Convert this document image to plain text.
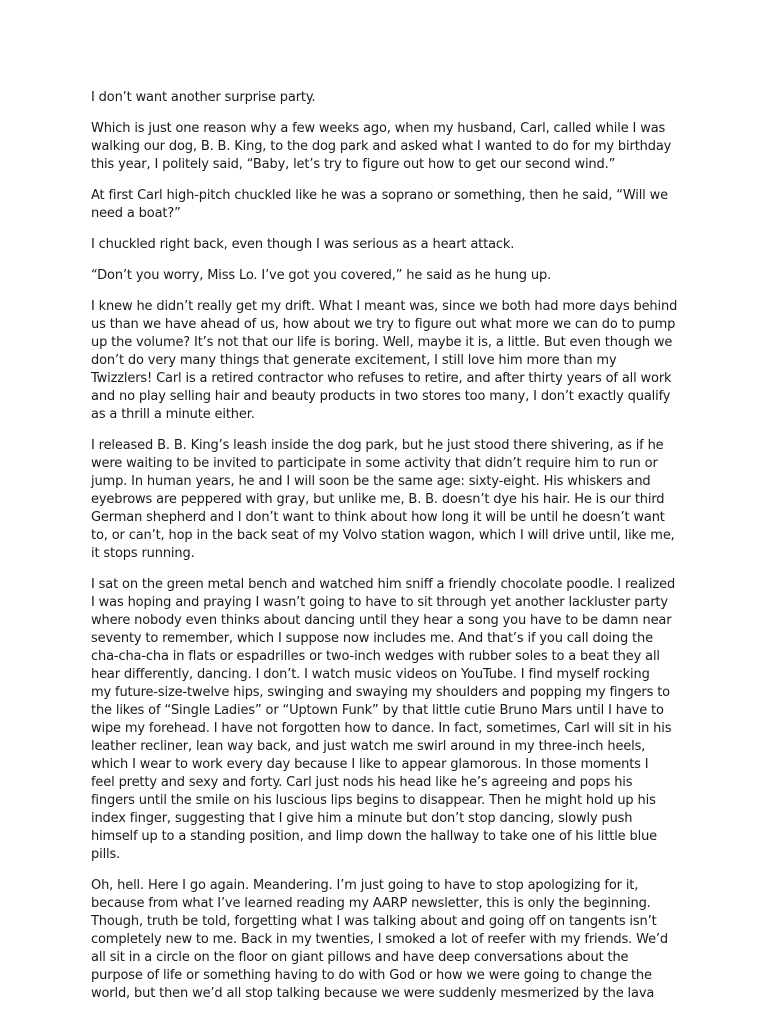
I don’t want another surprise party.

Which is just one reason why a few weeks ago, when my husband, Carl, called while I was
walking our dog, B. B. King, to the dog park and asked what I wanted to do for my birthday
this year, I politely said, “Baby, let’s try to figure out how to get our second wind.”

At first Carl high-pitch chuckled like he was a soprano or something, then he said, “Will we
need a boat?”

I chuckled right back, even though I was serious as a heart attack.

“Don’t you worry, Miss Lo. I’ve got you covered,” he said as he hung up.

I knew he didn’t really get my drift. What I meant was, since we both had more days behind
us than we have ahead of us, how about we try to figure out what more we can do to pump
up the volume? It’s not that our life is boring. Well, maybe it is, a little. But even though we
don’t do very many things that generate excitement, I still love him more than my
Twizzlers! Carl is a retired contractor who refuses to retire, and after thirty years of all work
and no play selling hair and beauty products in two stores too many, I don’t exactly qualify
as a thrill a minute either.

I released B. B. King’s leash inside the dog park, but he just stood there shivering, as if he
were waiting to be invited to participate in some activity that didn’t require him to run or
jump. In human years, he and I will soon be the same age: sixty-eight. His whiskers and
eyebrows are peppered with gray, but unlike me, B. B. doesn’t dye his hair. He is our third
German shepherd and I don’t want to think about how long it will be until he doesn’t want
to, or can’t, hop in the back seat of my Volvo station wagon, which I will drive until, like me,
it stops running.

I sat on the green metal bench and watched him sniff a friendly chocolate poodle. I realized
I was hoping and praying I wasn’t going to have to sit through yet another lackluster party
where nobody even thinks about dancing until they hear a song you have to be damn near
seventy to remember, which I suppose now includes me. And that’s if you call doing the
cha-cha-cha in flats or espadrilles or two-inch wedges with rubber soles to a beat they all
hear differently, dancing. I don’t. I watch music videos on YouTube. I find myself rocking
my future-size-twelve hips, swinging and swaying my shoulders and popping my fingers to
the likes of “Single Ladies” or “Uptown Funk” by that little cutie Bruno Mars until I have to
wipe my forehead. I have not forgotten how to dance. In fact, sometimes, Carl will sit in his
leather recliner, lean way back, and just watch me swirl around in my three-inch heels,
which I wear to work every day because I like to appear glamorous. In those moments I
feel pretty and sexy and forty. Carl just nods his head like he’s agreeing and pops his
fingers until the smile on his luscious lips begins to disappear. Then he might hold up his
index finger, suggesting that I give him a minute but don’t stop dancing, slowly push
himself up to a standing position, and limp down the hallway to take one of his little blue
pills.

Oh, hell. Here I go again. Meandering. I’m just going to have to stop apologizing for it,
because from what I’ve learned reading my AARP newsletter, this is only the beginning.
Though, truth be told, forgetting what I was talking about and going off on tangents isn’t
completely new to me. Back in my twenties, I smoked a lot of reefer with my friends. We’d
all sit in a circle on the floor on giant pillows and have deep conversations about the
purpose of life or something having to do with God or how we were going to change the
world, but then we’d all stop talking because we were suddenly mesmerized by the lava
